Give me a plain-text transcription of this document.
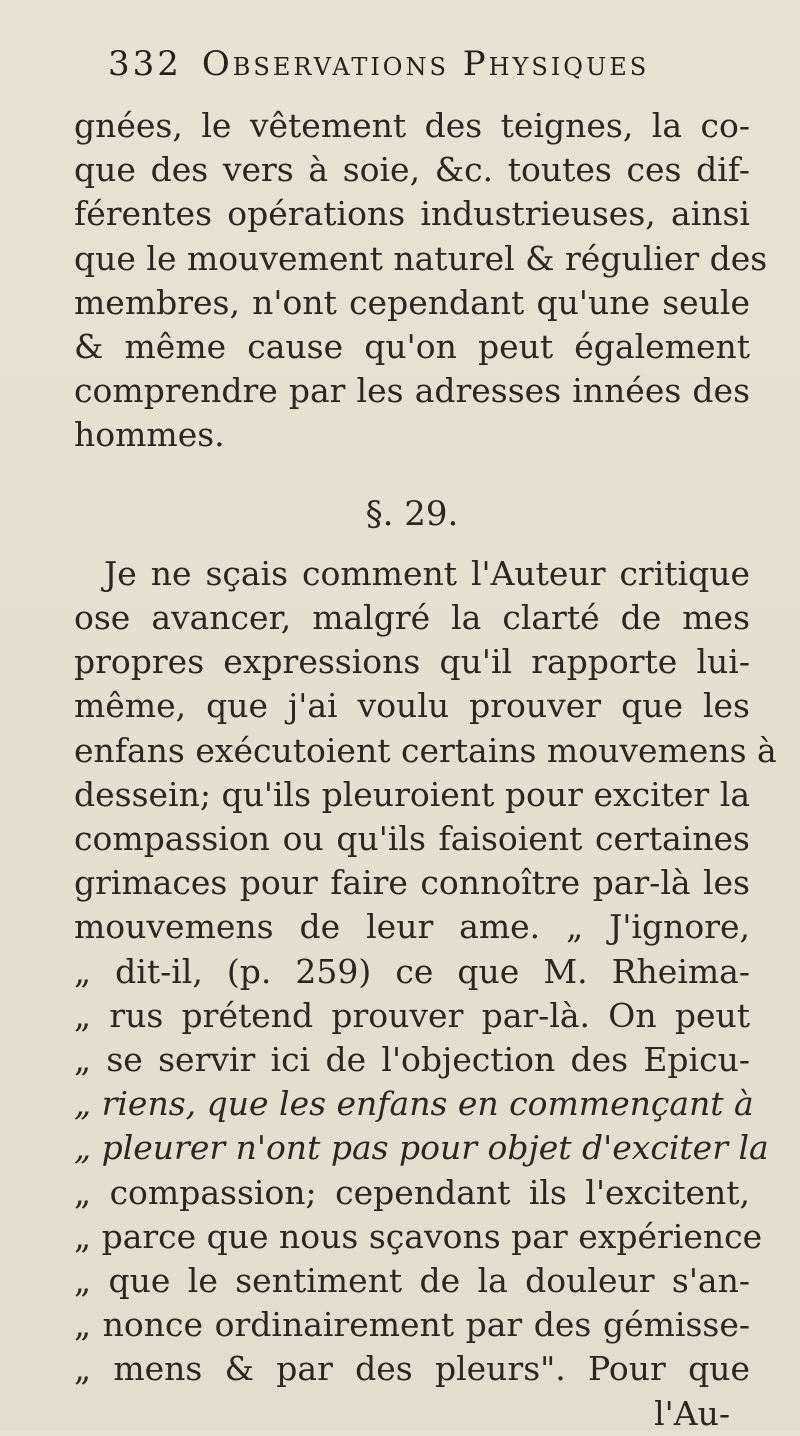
332 Observations Physiques
gnées, le vêtement des teignes, la co-
que des vers à soie, &c. toutes ces dif-
férentes opérations industrieuses, ainsi
que le mouvement naturel & régulier des
membres, n'ont cependant qu'une seule
& même cause qu'on peut également
comprendre par les adresses innées des
hommes.
§. 29.
Je ne sçais comment l'Auteur critique
ose avancer, malgré la clarté de mes
propres expressions qu'il rapporte lui-
même, que j'ai voulu prouver que les
enfans exécutoient certains mouvemens à
dessein; qu'ils pleuroient pour exciter la
compassion ou qu'ils faisoient certaines
grimaces pour faire connoître par-là les
mouvemens de leur ame. „ J'ignore,
„ dit-il, (p. 259) ce que M. Rheima-
„ rus prétend prouver par-là. On peut
„ se servir ici de l'objection des Epicu-
„ riens, que les enfans en commençant à
„ pleurer n'ont pas pour objet d'exciter la
„ compassion; cependant ils l'excitent,
„ parce que nous sçavons par expérience
„ que le sentiment de la douleur s'an-
„ nonce ordinairement par des gémisse-
„ mens & par des pleurs". Pour que
l'Au-
